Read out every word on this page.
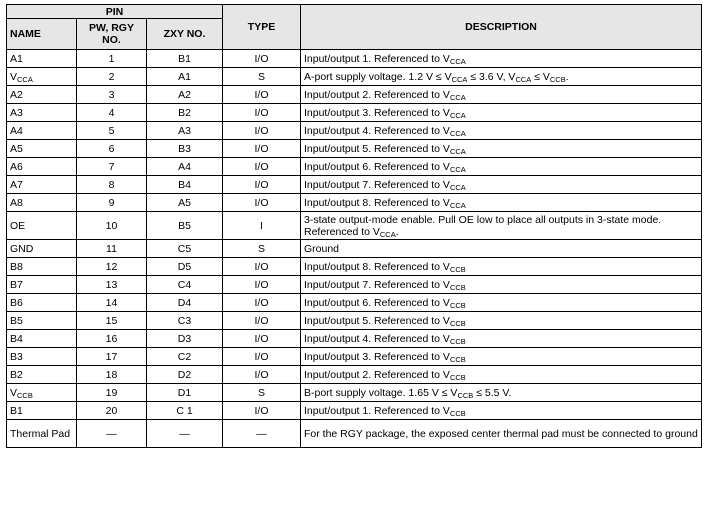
PIN			TYPE	DESCRIPTION
NAME	PW, RGY NO.	ZXY NO.		
A1	1	B1	I/O	Input/output 1. Referenced to $V_{CCA}$
$V_{CCA}$	2	A1	S	A-port supply voltage. 1.2 $V \le V_{CCA} \le 3.6$ V, $V_{CCA} \le V_{CCB}$.
A2	3	A2	I/O	Input/output 2. Referenced to $V_{CCA}$
A3	4	B2	I/O	Input/output 3. Referenced to $V_{CCA}$
A4	5	A3	I/O	Input/output 4. Referenced to $V_{CCA}$
A5	6	B3	I/O	Input/output 5. Referenced to $V_{CCA}$
A6	7	A4	I/O	Input/output 6. Referenced to $V_{CCA}$
A7	8	B4	I/O	Input/output 7. Referenced to $V_{CCA}$
A8	9	A5	I/O	Input/output 8. Referenced to $V_{CCA}$
OE	10	B5	I	3-state output-mode enable. Pull OE low to place all outputs in 3-state mode. Referenced to $V_{CCA}$.
GND	11	C5	S	Ground
B8	12	D5	I/O	Input/output 8. Referenced to $V_{CCB}$
B7	13	C4	I/O	Input/output 7. Referenced to $V_{CCB}$
B6	14	D4	I/O	Input/output 6. Referenced to $V_{CCB}$
B5	15	C3	I/O	Input/output 5. Referenced to $V_{CCB}$
B4	16	D3	I/O	Input/output 4. Referenced to $V_{CCB}$
B3	17	C2	I/O	Input/output 3. Referenced to $V_{CCB}$
B2	18	D2	I/O	Input/output 2. Referenced to $V_{CCB}$
$V_{CCB}$	19	D1	S	B-port supply voltage. 1.65 $V \le V_{CCB} \le 5.5$ V.
B1	20	C 1	I/O	Input/output 1. Referenced to $V_{CCB}$
Thermal Pad	—	—	—	For the RGY package, the exposed center thermal pad must be connected to ground
